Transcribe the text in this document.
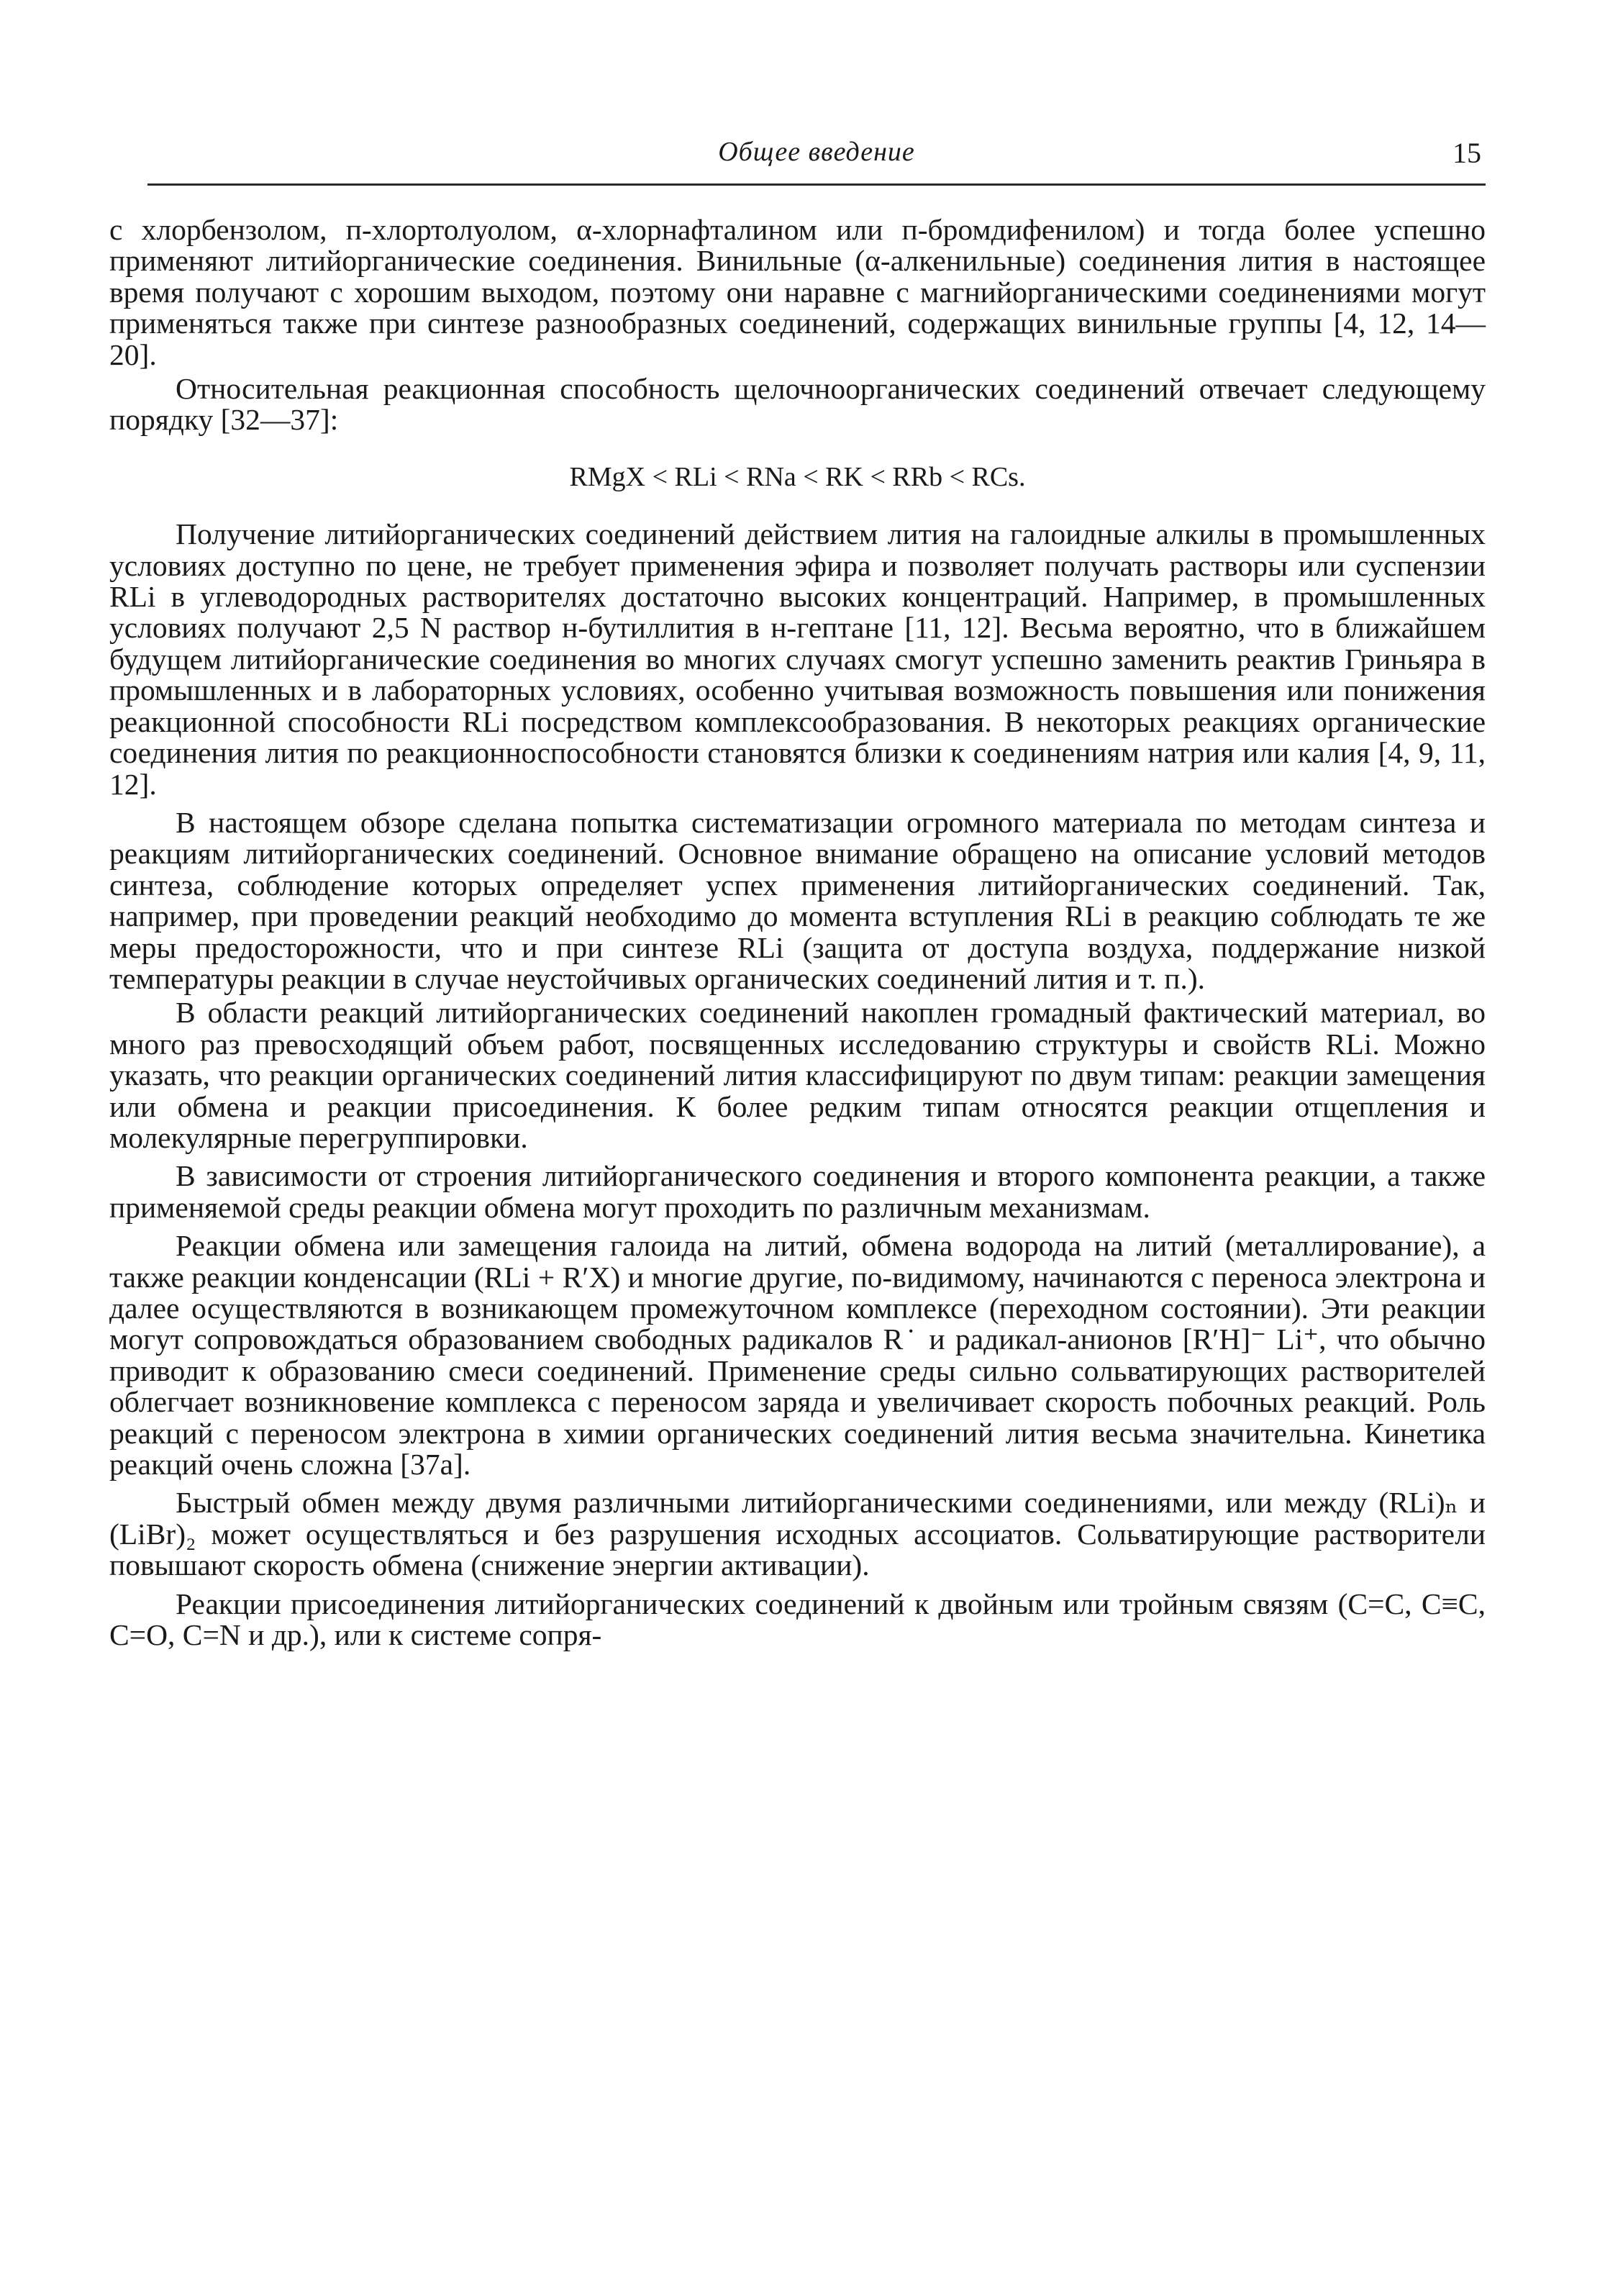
Общее введение	15

с хлорбензолом, п-хлортолуолом, α-хлорнафталином или п-бромдифенилом) и тогда более успешно применяют литийорганические соединения. Винильные (α-алкенильные) соединения лития в настоящее время получают с хорошим выходом, поэтому они наравне с магнийорганическими соединениями могут применяться также при синтезе разнообразных соединений, содержащих винильные группы [4, 12, 14—20].

Относительная реакционная способность щелочноорганических соединений отвечает следующему порядку [32—37]:

RMgX < RLi < RNa < RK < RRb < RCs.

Получение литийорганических соединений действием лития на галоидные алкилы в промышленных условиях доступно по цене, не требует применения эфира и позволяет получать растворы или суспензии RLi в углеводородных растворителях достаточно высоких концентраций. Например, в промышленных условиях получают 2,5 N раствор н-бутиллития в н-гептане [11, 12]. Весьма вероятно, что в ближайшем будущем литийорганические соединения во многих случаях смогут успешно заменить реактив Гриньяра в промышленных и в лабораторных условиях, особенно учитывая возможность повышения или понижения реакционной способности RLi посредством комплексообразования. В некоторых реакциях органические соединения лития по реакционноспособности становятся близки к соединениям натрия или калия [4, 9, 11, 12].

В настоящем обзоре сделана попытка систематизации огромного материала по методам синтеза и реакциям литийорганических соединений. Основное внимание обращено на описание условий методов синтеза, соблюдение которых определяет успех применения литийорганических соединений. Так, например, при проведении реакций необходимо до момента вступления RLi в реакцию соблюдать те же меры предосторожности, что и при синтезе RLi (защита от доступа воздуха, поддержание низкой температуры реакции в случае неустойчивых органических соединений лития и т. п.).

В области реакций литийорганических соединений накоплен громадный фактический материал, во много раз превосходящий объем работ, посвященных исследованию структуры и свойств RLi. Можно указать, что реакции органических соединений лития классифицируют по двум типам: реакции замещения или обмена и реакции присоединения. К более редким типам относятся реакции отщепления и молекулярные перегруппировки.

В зависимости от строения литийорганического соединения и второго компонента реакции, а также применяемой среды реакции обмена могут проходить по различным механизмам.

Реакции обмена или замещения галоида на литий, обмена водорода на литий (металлирование), а также реакции конденсации (RLi + R′X) и многие другие, по-видимому, начинаются с переноса электрона и далее осуществляются в возникающем промежуточном комплексе (переходном состоянии). Эти реакции могут сопровождаться образованием свободных радикалов R˙ и радикал-анионов [R′H]⁻ Li⁺, что обычно приводит к образованию смеси соединений. Применение среды сильно сольватирующих растворителей облегчает возникновение комплекса с переносом заряда и увеличивает скорость побочных реакций. Роль реакций с переносом электрона в химии органических соединений лития весьма значительна. Кинетика реакций очень сложна [37а].

Быстрый обмен между двумя различными литийорганическими соединениями, или между (RLi)ₙ и (LiBr)₂ может осуществляться и без разрушения исходных ассоциатов. Сольватирующие растворители повышают скорость обмена (снижение энергии активации).

Реакции присоединения литийорганических соединений к двойным или тройным связям (C=C, C≡C, C=O, C=N и др.), или к системе сопря-
